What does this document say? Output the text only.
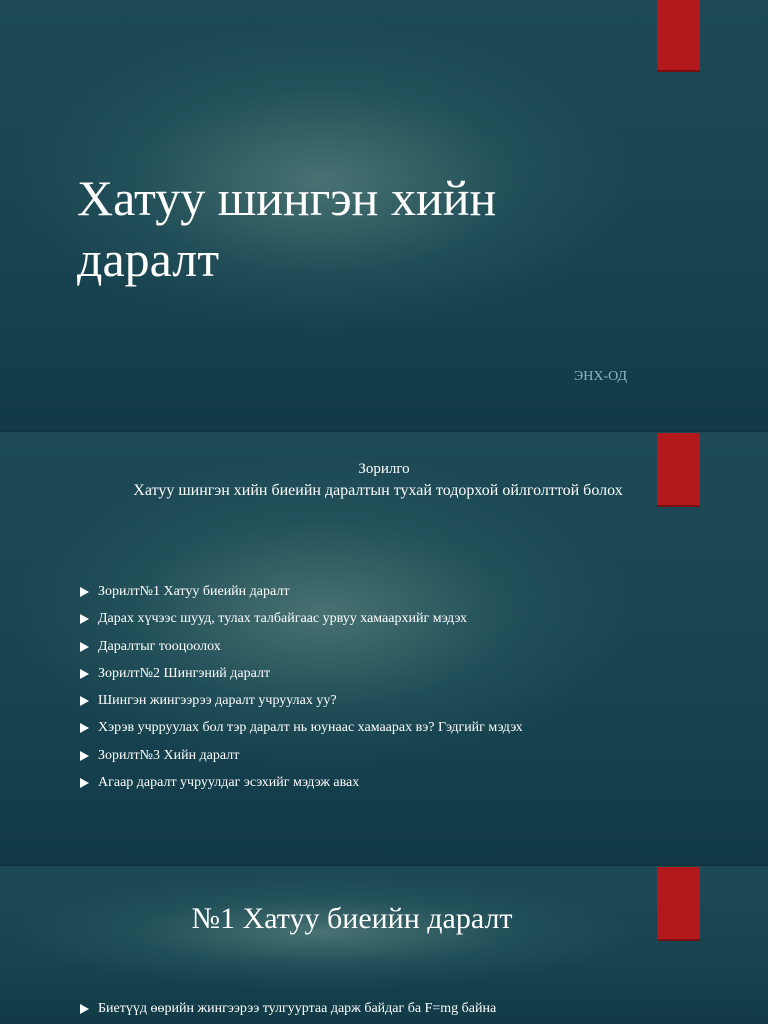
Хатуу шингэн хийн даралт
ЭНХ-ОД
Зорилго
Хатуу шингэн хийн биеийн даралтын тухай тодорхой ойлголттой болох
Зорилт№1 Хатуу биеийн даралт
Дарах хүчээс шууд, тулах талбайгаас урвуу хамаархийг мэдэх
Даралтыг тооцоолох
Зорилт№2 Шингэний даралт
Шингэн жингээрээ даралт учруулах уу?
Хэрэв учрруулах бол тэр даралт нь юунаас хамаарах вэ? Гэдгийг мэдэх
Зорилт№3 Хийн даралт
Агаар даралт учруулдаг эсэхийг мэдэж авах
№1 Хатуу биеийн даралт
Биетүүд өөрийн жингээрээ тулгууртаа дарж байдаг ба F=mg байна
